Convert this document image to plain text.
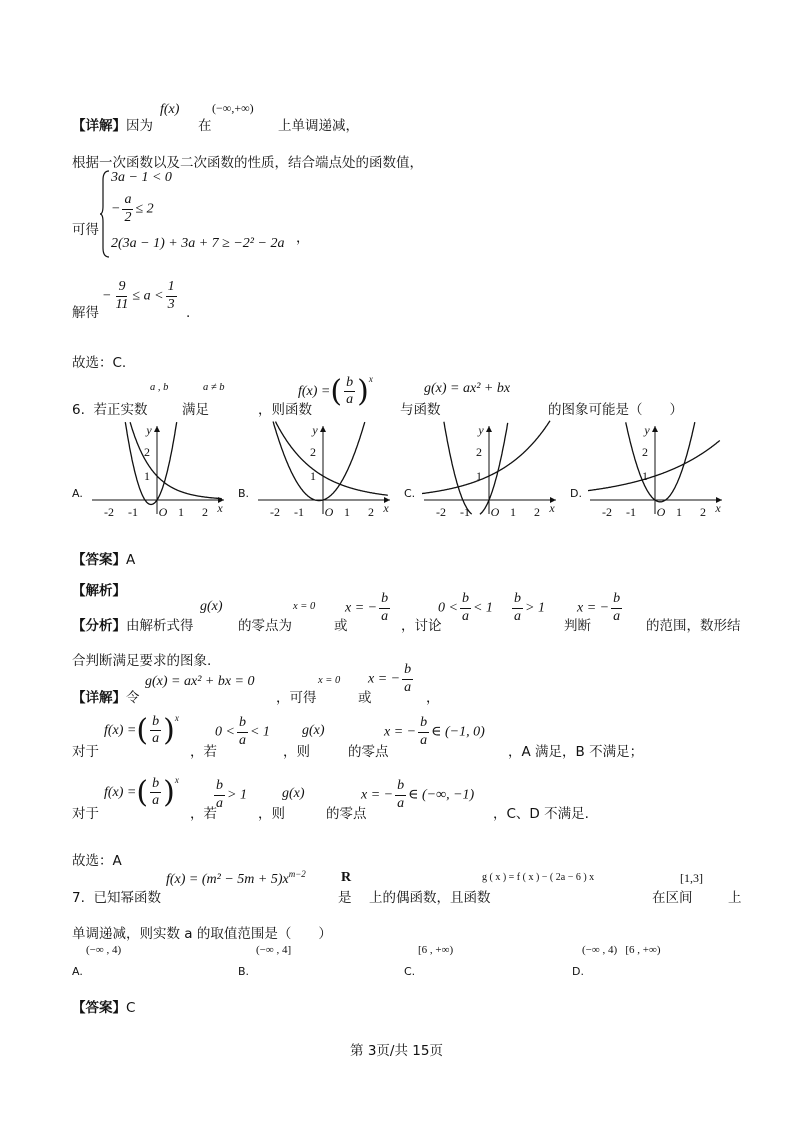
【详解】因为
f(x)
在
(−∞,+∞)
上单调递减，
根据一次函数以及二次函数的性质，结合端点处的函数值，
可得
3a − 1 < 0
− $\frac{a}{2} \le 2$
2(3a − 1) + 3a + 7 ≥ −2² − 2a ，
解得
− $\frac{9}{11} \le a < \frac{1}{3}$
.
故选：C.
6. 若正实数
a , b
满足
a ≠ b
，则函数
f(x) =( $\frac{b}{a} )^x$
与函数
g(x) = ax² + bx
的图象可能是（　　）
A.	B.	C.	D.
y
x
O
-2 -1	1 2
1
2
y
x
O
-2 -1	1 2
1
2
y
x
O
-2 -1	1 2
1
2
y
x
O
-2 -1	1 2
1
2
【答案】A
【解析】
【分析】由解析式得
g(x)
的零点为
x = 0
或
x = − $\frac{b}{a}$
，讨论
$0 < \frac{b}{a} < 1 \frac{b}{a} > 1$
判断
x = − $\frac{b}{a}$
的范围，数形结
合判断满足要求的图象.
【详解】令
g(x) = ax² + bx = 0
，可得
x = 0
或
x = − $\frac{b}{a}$
，
对于
f(x) =( $\frac{b}{a} )^x$
，若
$0 < \frac{b}{a} < 1$
，则
g(x)
的零点
x = − $\frac{b}{a}$ ∈ (−1, 0)
，A 满足，B 不满足；
对于
f(x) =( $\frac{b}{a} )^x$
，若
$\frac{b}{a} > 1$
，则
g(x)
的零点
x = − $\frac{b}{a}$ ∈ (−∞, −1)
，C、D 不满足.
故选：A
7. 已知幂函数
$f(x) = (m^2 - 5m + 5)x^{m-2}$
是
R
上的偶函数，且函数
g ( x ) = f ( x ) − ( 2a − 6 ) x
在区间
[1,3]
上
单调递减，则实数 a 的取值范围是（　　）
(−∞ , 4)
A.
(−∞ , 4]
B.
[6 , +∞)
C.
(−∞ , 4)   [6 , +∞)
D.
【答案】C
第 3页/共 15页
